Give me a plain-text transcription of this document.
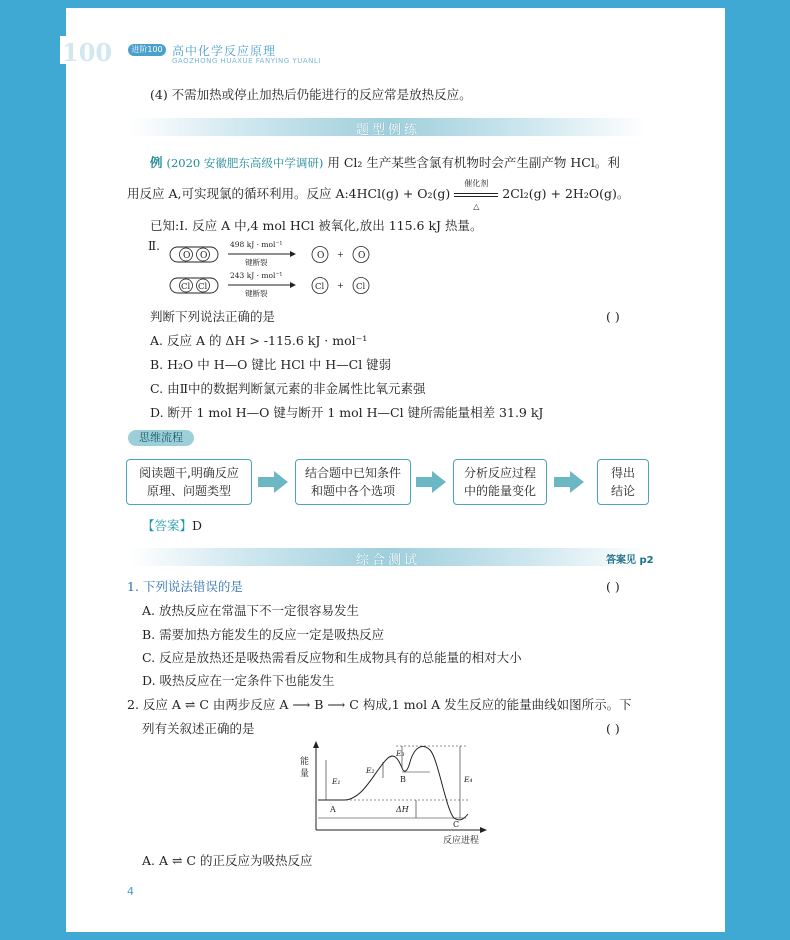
100	进阶100 高中化学反应原理
GAOZHONG HUAXUE FANYING YUANLI
(4) 不需加热或停止加热后仍能进行的反应常是放热反应。
题型例练
例 (2020 安徽肥东高级中学调研) 用 Cl₂ 生产某些含氯有机物时会产生副产物 HCl。利
用反应 A,可实现氯的循环利用。反应 A:4HCl(g) + O₂(g)
催化剂
△
2Cl₂(g) + 2H₂O(g)。
已知:Ⅰ. 反应 A 中,4 mol HCl 被氧化,放出 115.6 kJ 热量。
Ⅱ.
O O
498 kJ · mol⁻¹
键断裂
O + O
Cl Cl
243 kJ · mol⁻¹
键断裂
Cl + Cl
判断下列说法正确的是	( )
A. 反应 A 的 ΔH > -115.6 kJ · mol⁻¹
B. H₂O 中 H—O 键比 HCl 中 H—Cl 键弱
C. 由Ⅱ中的数据判断氯元素的非金属性比氧元素强
D. 断开 1 mol H—O 键与断开 1 mol H—Cl 键所需能量相差 31.9 kJ
思维流程
阅读题干,明确反应
原理、问题类型
结合题中已知条件
和题中各个选项
分析反应过程
中的能量变化
得出
结论
【答案】D
综合测试	答案见 p2
1. 下列说法错误的是	( )
A. 放热反应在常温下不一定很容易发生
B. 需要加热方能发生的反应一定是吸热反应
C. 反应是放热还是吸热需看反应物和生成物具有的总能量的相对大小
D. 吸热反应在一定条件下也能发生
2. 反应 A ⇌ C 由两步反应 A ⟶ B ⟶ C 构成,1 mol A 发生反应的能量曲线如图所示。下
列有关叙述正确的是	( )
能
量
反应进程
E₁
E₂
E₃
E₄
ΔH
A
B
C
A. A ⇌ C 的正反应为吸热反应
4
